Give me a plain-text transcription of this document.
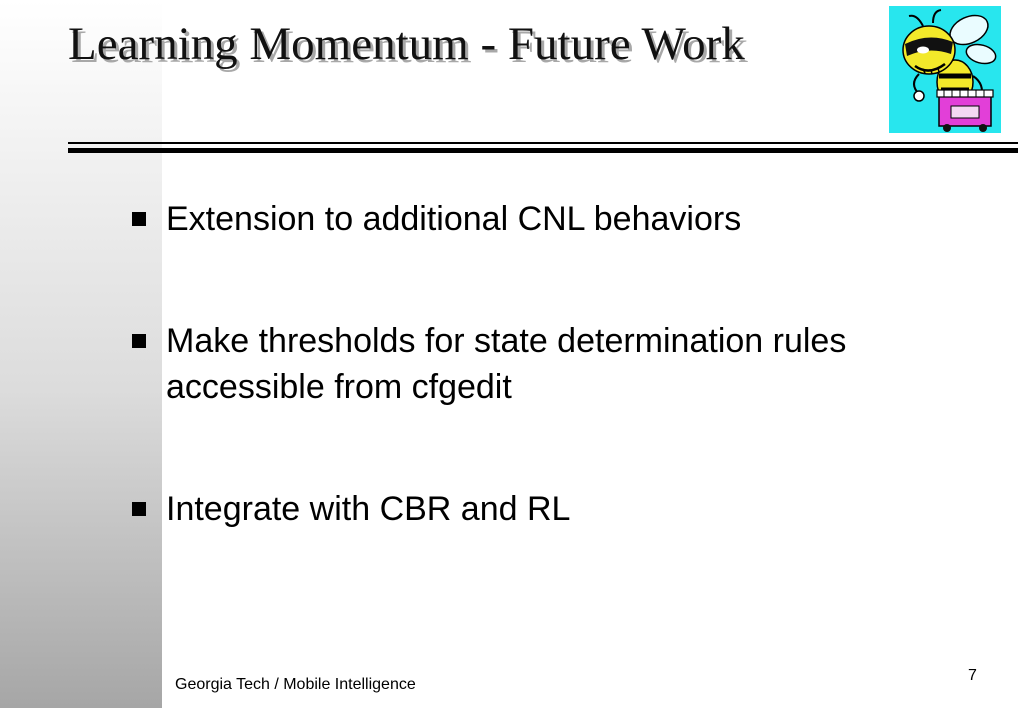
Learning Momentum - Future Work
Extension to additional CNL behaviors
Make thresholds for state determination rules accessible from cfgedit
Integrate with CBR and RL
Georgia Tech / Mobile Intelligence
7
